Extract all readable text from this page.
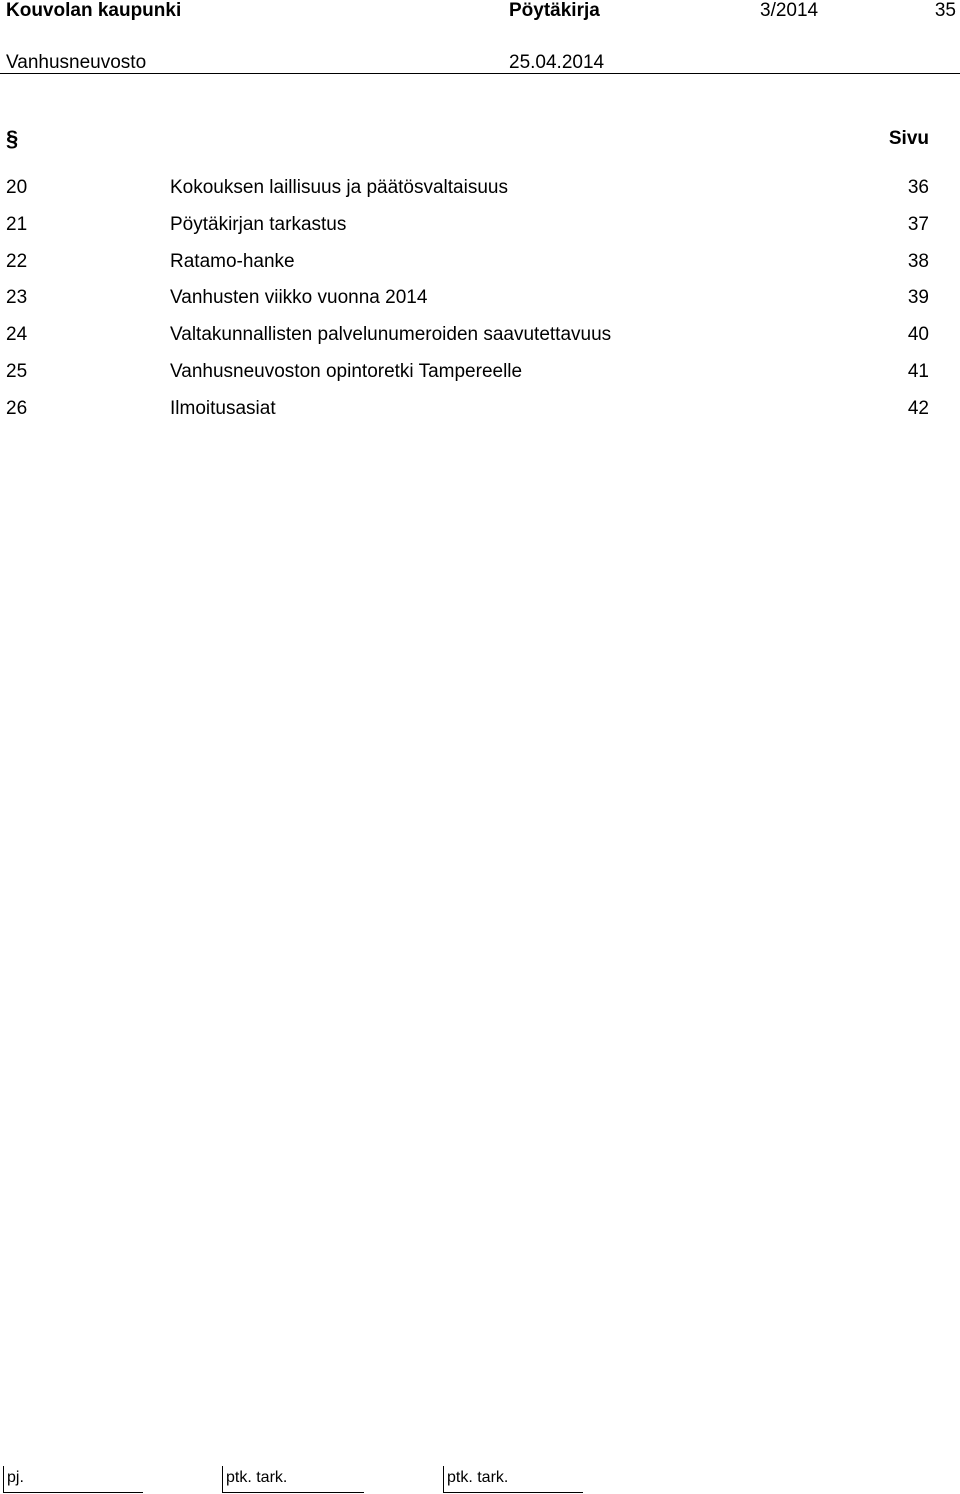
Kouvolan kaupunki	Pöytäkirja	3/2014	35
Vanhusneuvosto	25.04.2014
§	Sivu
20	Kokouksen laillisuus ja päätösvaltaisuus	36
21	Pöytäkirjan tarkastus	37
22	Ratamo-hanke	38
23	Vanhusten viikko vuonna 2014	39
24	Valtakunnallisten palvelunumeroiden saavutettavuus	40
25	Vanhusneuvoston opintoretki Tampereelle	41
26	Ilmoitusasiat	42
pj.	ptk. tark.	ptk. tark.
